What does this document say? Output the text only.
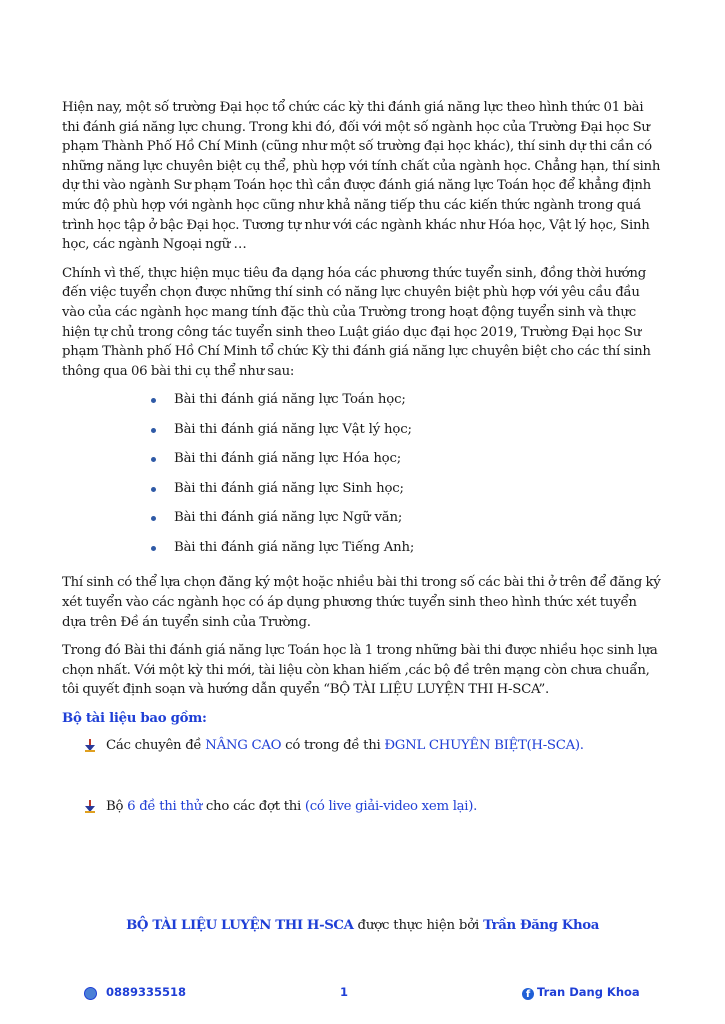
Hiện nay, một số trường Đại học tổ chức các kỳ thi đánh giá năng lực theo hình thức 01 bài thi đánh giá năng lực chung. Trong khi đó, đối với một số ngành học của Trường Đại học Sư phạm Thành Phố Hồ Chí Minh (cũng như một số trường đại học khác), thí sinh dự thi cần có những năng lực chuyên biệt cụ thể, phù hợp với tính chất của ngành học. Chẳng hạn, thí sinh dự thi vào ngành Sư phạm Toán học thì cần được đánh giá năng lực Toán học để khẳng định mức độ phù hợp với ngành học cũng như khả năng tiếp thu các kiến thức ngành trong quá trình học tập ở bậc Đại học. Tương tự như với các ngành khác như Hóa học, Vật lý học, Sinh học, các ngành Ngoại ngữ …

Chính vì thế, thực hiện mục tiêu đa dạng hóa các phương thức tuyển sinh, đồng thời hướng đến việc tuyển chọn được những thí sinh có năng lực chuyên biệt phù hợp với yêu cầu đầu vào của các ngành học mang tính đặc thù của Trường trong hoạt động tuyển sinh và thực hiện tự chủ trong công tác tuyển sinh theo Luật giáo dục đại học 2019, Trường Đại học Sư phạm Thành phố Hồ Chí Minh tổ chức Kỳ thi đánh giá năng lực chuyên biệt cho các thí sinh thông qua 06 bài thi cụ thể như sau:

Bài thi đánh giá năng lực Toán học;
Bài thi đánh giá năng lực Vật lý học;
Bài thi đánh giá năng lực Hóa học;
Bài thi đánh giá năng lực Sinh học;
Bài thi đánh giá năng lực Ngữ văn;
Bài thi đánh giá năng lực Tiếng Anh;

Thí sinh có thể lựa chọn đăng ký một hoặc nhiều bài thi trong số các bài thi ở trên để đăng ký xét tuyển vào các ngành học có áp dụng phương thức tuyển sinh theo hình thức xét tuyển dựa trên Đề án tuyển sinh của Trường.

Trong đó Bài thi đánh giá năng lực Toán học là 1 trong những bài thi được nhiều học sinh lựa chọn nhất. Với một kỳ thi mới, tài liệu còn khan hiếm ,các bộ đề trên mạng còn chưa chuẩn, tôi quyết định soạn và hướng dẫn quyển “BỘ TÀI LIỆU LUYỆN THI H-SCA”.

Bộ tài liệu bao gồm:
Các chuyên đề NÂNG CAO có trong đề thi ĐGNL CHUYÊN BIỆT(H-SCA).
Bộ 6 đề thi thử cho các đợt thi (có live giải-video xem lại).
BỘ TÀI LIỆU LUYỆN THI H-SCA được thực hiện bởi Trần Đăng Khoa
0889335518	1	f Tran Dang Khoa
